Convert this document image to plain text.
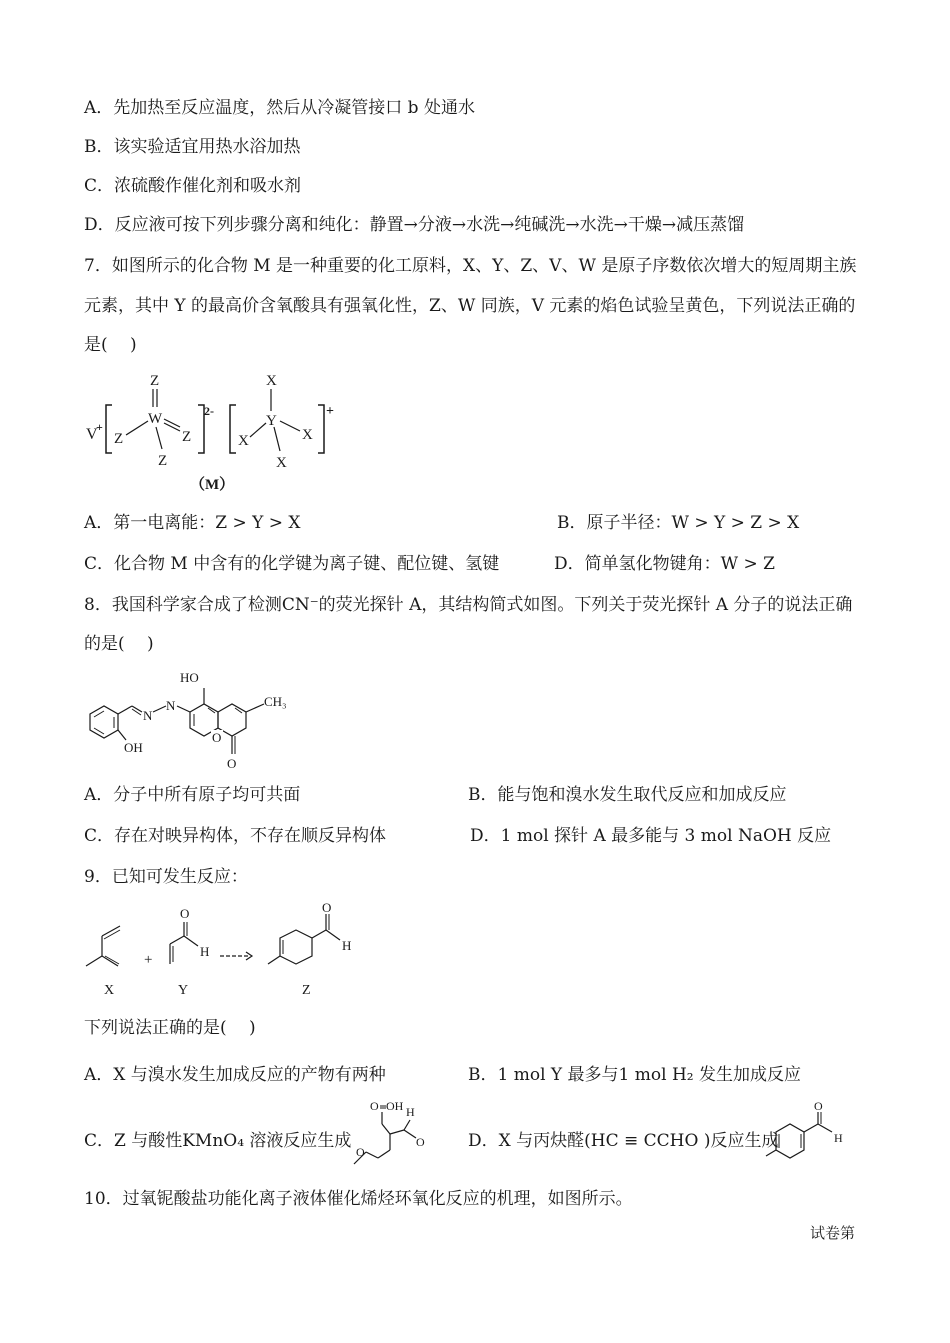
A．先加热至反应温度，然后从冷凝管接口 b 处通水
B．该实验适宜用热水浴加热
C．浓硫酸作催化剂和吸水剂
D．反应液可按下列步骤分离和纯化：静置→分液→水洗→纯碱洗→水洗→干燥→减压蒸馏
7．如图所示的化合物 M 是一种重要的化工原料，X、Y、Z、V、W 是原子序数依次增大的短周期主族
元素，其中 Y 的最高价含氧酸具有强氧化性，Z、W 同族，V 元素的焰色试验呈黄色，下列说法正确的
是(　 )
V
+
Z
W
Z	Z
Z
2-
X
Y
X	X
X
+
（M）
A．第一电离能：Z > Y > X	B．原子半径：W > Y > Z > X
C．化合物 M 中含有的化学键为离子键、配位键、氢键	D．简单氢化物键角：W > Z
8．我国科学家合成了检测CN⁻的荧光探针 A，其结构简式如图。下列关于荧光探针 A 分子的说法正确
的是(　 )
N
N
OH
HO
CH₃
O
O
A．分子中所有原子均可共面	B．能与饱和溴水发生取代反应和加成反应
C．存在对映异构体，不存在顺反异构体	D．1 mol 探针 A 最多能与 3 mol NaOH 反应
9．已知可发生反应：
X
+
O
H
Y
O
H
Z
下列说法正确的是(　 )
A．X 与溴水发生加成反应的产物有两种	B．1 mol Y 最多与1 mol H₂ 发生加成反应
C．Z 与酸性KMnO₄ 溶液反应生成
O OH H
O
O
D．X 与丙炔醛(HC ≡ CCHO )反应生成
O
H
10．过氧铌酸盐功能化离子液体催化烯烃环氧化反应的机理，如图所示。
试卷第
